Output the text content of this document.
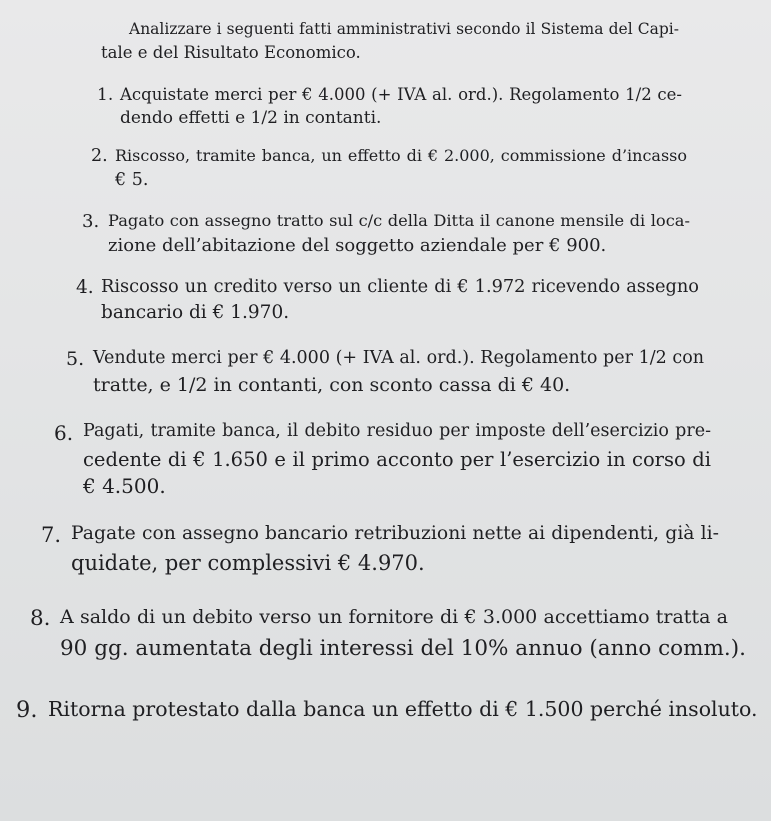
Analizzare i seguenti fatti amministrativi secondo il Sistema del Capi-
tale e del Risultato Economico.
1. Acquistate merci per € 4.000 (+ IVA al. ord.). Regolamento 1/2 ce-
dendo effetti e 1/2 in contanti.
2. Riscosso, tramite banca, un effetto di € 2.000, commissione d’incasso
€ 5.
3. Pagato con assegno tratto sul c/c della Ditta il canone mensile di loca-
zione dell’abitazione del soggetto aziendale per € 900.
4. Riscosso un credito verso un cliente di € 1.972 ricevendo assegno
bancario di € 1.970.
5. Vendute merci per € 4.000 (+ IVA al. ord.). Regolamento per 1/2 con
tratte, e 1/2 in contanti, con sconto cassa di € 40.
6. Pagati, tramite banca, il debito residuo per imposte dell’esercizio pre-
cedente di € 1.650 e il primo acconto per l’esercizio in corso di
€ 4.500.
7. Pagate con assegno bancario retribuzioni nette ai dipendenti, già li-
quidate, per complessivi € 4.970.
8. A saldo di un debito verso un fornitore di € 3.000 accettiamo tratta a
90 gg. aumentata degli interessi del 10% annuo (anno comm.).
9. Ritorna protestato dalla banca un effetto di € 1.500 perché insoluto.
